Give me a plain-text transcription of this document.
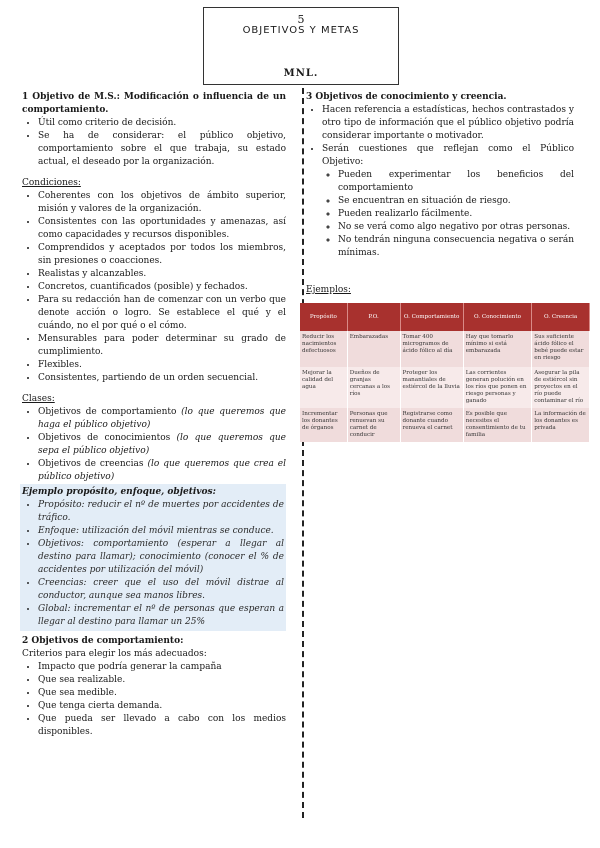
5
OBJETIVOS Y METAS
MNL.

1 Objetivo de M.S.: Modificación o influencia de un comportamiento.

• Útil como criterio de decisión.
• Se ha de considerar: el público objetivo, comportamiento sobre el que trabaja, su estado actual, el deseado por la organización.

Condiciones:

• Coherentes con los objetivos de ámbito superior, misión y valores de la organización.
• Consistentes con las oportunidades y amenazas, así como capacidades y recursos disponibles.
• Comprendidos y aceptados por todos los miembros, sin presiones o coacciones.
• Realistas y alcanzables.
• Concretos, cuantificados (posible) y fechados.
• Para su redacción han de comenzar con un verbo que denote acción o logro. Se establece el qué y el cuándo, no el por qué o el cómo.
• Mensurables para poder determinar su grado de cumplimiento.
• Flexibles.
• Consistentes, partiendo de un orden secuencial.

Clases:

• Objetivos de comportamiento (lo que queremos que haga el público objetivo)
• Objetivos de conocimientos (lo que queremos que sepa el público objetivo)
• Objetivos de creencias (lo que queremos que crea el público objetivo)

Ejemplo propósito, enfoque, objetivos:

• Propósito: reducir el nº de muertes por accidentes de tráfico.
• Enfoque: utilización del móvil mientras se conduce.
• Objetivos: comportamiento (esperar a llegar al destino para llamar); conocimiento (conocer el % de accidentes por utilización del móvil)
• Creencias: creer que el uso del móvil distrae al conductor, aunque sea manos libres.
• Global: incrementar el nº de personas que esperan a llegar al destino para llamar un 25%

2 Objetivos de comportamiento:

Criterios para elegir los más adecuados:

• Impacto que podría generar la campaña
• Que sea realizable.
• Que sea medible.
• Que tenga cierta demanda.
• Que pueda ser llevado a cabo con los medios disponibles.

3 Objetivos de conocimiento y creencia.

• Hacen referencia a estadísticas, hechos contrastados y otro tipo de información que el público objetivo podría considerar importante o motivador.
• Serán cuestiones que reflejan como el Público Objetivo:
◦ Pueden experimentar los beneficios del comportamiento
◦ Se encuentran en situación de riesgo.
◦ Pueden realizarlo fácilmente.
◦ No se verá como algo negativo por otras personas.
◦ No tendrán ninguna consecuencia negativa o serán mínimas.

Ejemplos:

Propósito	P.O.	O. Comportamiento	O. Conocimiento	O. Creencia
Reducir los nacimientos defectuosos	Embarazadas	Tomar 400 microgramos de ácido fólico al día	Hay que tomarlo mínimo si está embarazada	Sus suficiente ácido fólico el bebé puede estar en riesgo
Mejorar la calidad del agua	Dueños de granjas cercanas a los ríos	Proteger los manantiales de estiércol de la lluvia	Las corrientes generan polución en los ríos que ponen en riesgo personas y ganado	Asegurar la pila de estiércol sin proyectos en el río puede contaminar el río
Incrementar los donantes de órganos	Personas que renuevan su carnet de conducir	Registrarse como donante cuando renueva el carnet	Es posible que necesites el consentimiento de tu familia	La información de los donantes es privada
